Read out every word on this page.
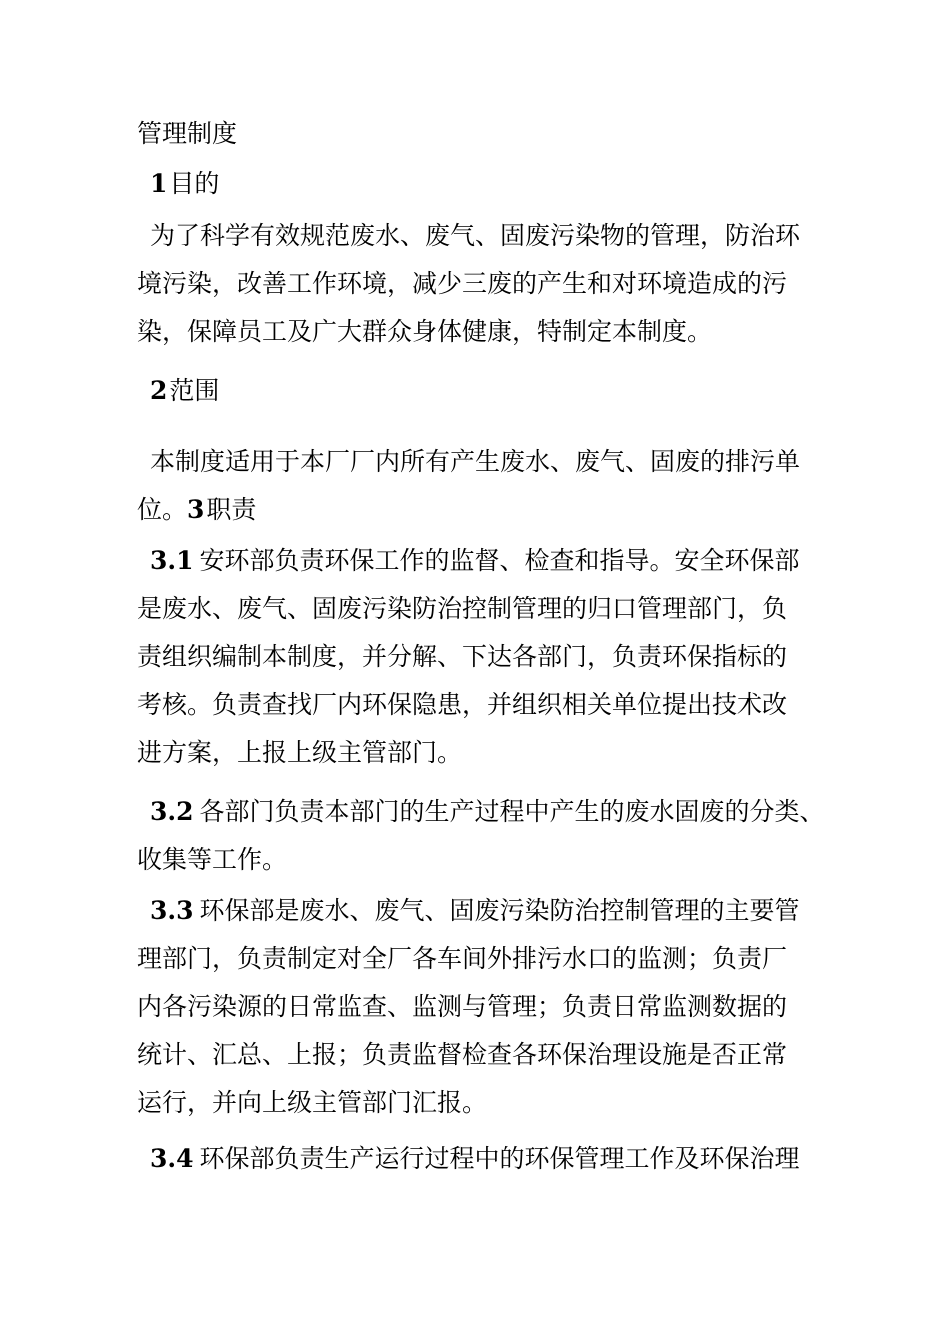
管理制度
1目的
为了科学有效规范废水、废气、固废污染物的管理，防治环
境污染，改善工作环境，减少三废的产生和对环境造成的污
染，保障员工及广大群众身体健康，特制定本制度。
2范围
本制度适用于本厂厂内所有产生废水、废气、固废的排污单
位。3职责
3.1 安环部负责环保工作的监督、检查和指导。安全环保部
是废水、废气、固废污染防治控制管理的归口管理部门，负
责组织编制本制度，并分解、下达各部门，负责环保指标的
考核。负责查找厂内环保隐患，并组织相关单位提出技术改
进方案，上报上级主管部门。
3.2 各部门负责本部门的生产过程中产生的废水固废的分类、
收集等工作。
3.3 环保部是废水、废气、固废污染防治控制管理的主要管
理部门，负责制定对全厂各车间外排污水口的监测；负责厂
内各污染源的日常监查、监测与管理；负责日常监测数据的
统计、汇总、上报；负责监督检查各环保治理设施是否正常
运行，并向上级主管部门汇报。
3.4 环保部负责生产运行过程中的环保管理工作及环保治理
